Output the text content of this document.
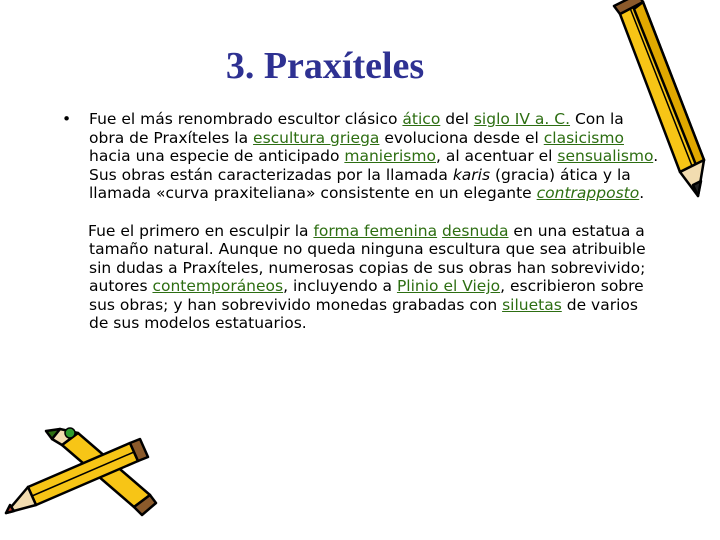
3. Praxíteles

• Fue el más renombrado escultor clásico ático del siglo IV a. C. Con la obra de Praxíteles la escultura griega evoluciona desde el clasicismo hacia una especie de anticipado manierismo, al acentuar el sensualismo. Sus obras están caracterizadas por la llamada karis (gracia) ática y la llamada «curva praxiteliana» consistente en un elegante contrapposto.

Fue el primero en esculpir la forma femenina desnuda en una estatua a tamaño natural. Aunque no queda ninguna escultura que sea atribuible sin dudas a Praxíteles, numerosas copias de sus obras han sobrevivido; autores contemporáneos, incluyendo a Plinio el Viejo, escribieron sobre sus obras; y han sobrevivido monedas grabadas con siluetas de varios de sus modelos estatuarios.
